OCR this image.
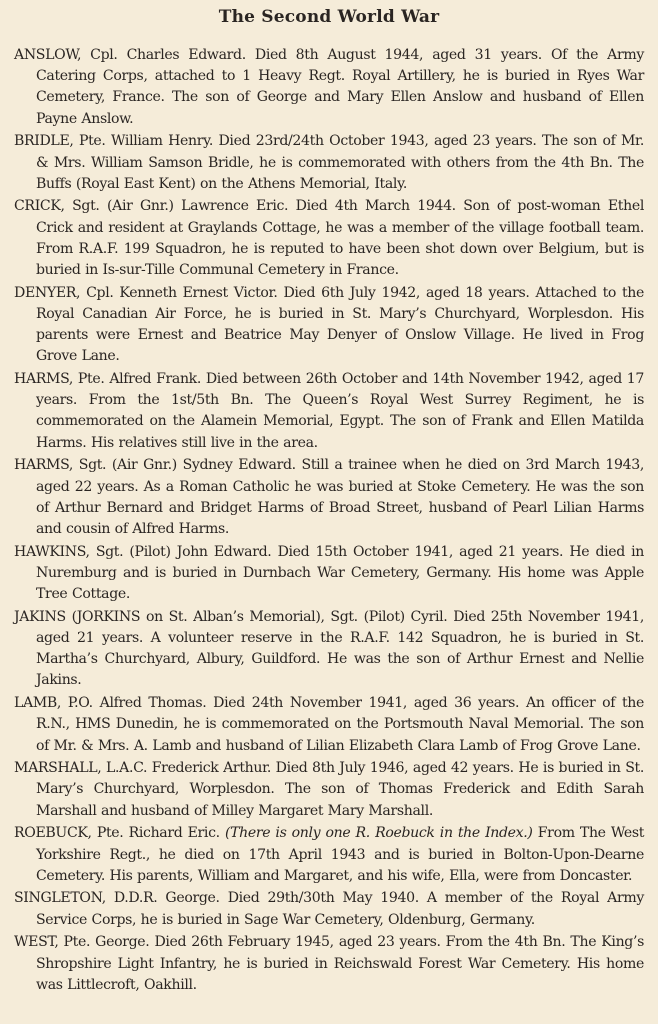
The Second World War

ANSLOW, Cpl. Charles Edward. Died 8th August 1944, aged 31 years. Of the Army Catering Corps, attached to 1 Heavy Regt. Royal Artillery, he is buried in Ryes War Cemetery, France. The son of George and Mary Ellen Anslow and husband of Ellen Payne Anslow.

BRIDLE, Pte. William Henry. Died 23rd/24th October 1943, aged 23 years. The son of Mr. & Mrs. William Samson Bridle, he is commemorated with others from the 4th Bn. The Buffs (Royal East Kent) on the Athens Memorial, Italy.

CRICK, Sgt. (Air Gnr.) Lawrence Eric. Died 4th March 1944. Son of post-woman Ethel Crick and resident at Graylands Cottage, he was a member of the village football team. From R.A.F. 199 Squadron, he is reputed to have been shot down over Belgium, but is buried in Is-sur-Tille Communal Cemetery in France.

DENYER, Cpl. Kenneth Ernest Victor. Died 6th July 1942, aged 18 years. Attached to the Royal Canadian Air Force, he is buried in St. Mary’s Churchyard, Worplesdon. His parents were Ernest and Beatrice May Denyer of Onslow Village. He lived in Frog Grove Lane.

HARMS, Pte. Alfred Frank. Died between 26th October and 14th November 1942, aged 17 years. From the 1st/5th Bn. The Queen’s Royal West Surrey Regiment, he is commemorated on the Alamein Memorial, Egypt. The son of Frank and Ellen Matilda Harms. His relatives still live in the area.

HARMS, Sgt. (Air Gnr.) Sydney Edward. Still a trainee when he died on 3rd March 1943, aged 22 years. As a Roman Catholic he was buried at Stoke Cemetery. He was the son of Arthur Bernard and Bridget Harms of Broad Street, husband of Pearl Lilian Harms and cousin of Alfred Harms.

HAWKINS, Sgt. (Pilot) John Edward. Died 15th October 1941, aged 21 years. He died in Nuremburg and is buried in Durnbach War Cemetery, Germany. His home was Apple Tree Cottage.

JAKINS (JORKINS on St. Alban’s Memorial), Sgt. (Pilot) Cyril. Died 25th November 1941, aged 21 years. A volunteer reserve in the R.A.F. 142 Squadron, he is buried in St. Martha’s Churchyard, Albury, Guildford. He was the son of Arthur Ernest and Nellie Jakins.

LAMB, P.O. Alfred Thomas. Died 24th November 1941, aged 36 years. An officer of the R.N., HMS Dunedin, he is commemorated on the Portsmouth Naval Memorial. The son of Mr. & Mrs. A. Lamb and husband of Lilian Elizabeth Clara Lamb of Frog Grove Lane.

MARSHALL, L.A.C. Frederick Arthur. Died 8th July 1946, aged 42 years. He is buried in St. Mary’s Churchyard, Worplesdon. The son of Thomas Frederick and Edith Sarah Marshall and husband of Milley Margaret Mary Marshall.

ROEBUCK, Pte. Richard Eric. (There is only one R. Roebuck in the Index.) From The West Yorkshire Regt., he died on 17th April 1943 and is buried in Bolton-Upon-Dearne Cemetery. His parents, William and Margaret, and his wife, Ella, were from Doncaster.

SINGLETON, D.D.R. George. Died 29th/30th May 1940. A member of the Royal Army Service Corps, he is buried in Sage War Cemetery, Oldenburg, Germany.

WEST, Pte. George. Died 26th February 1945, aged 23 years. From the 4th Bn. The King’s Shropshire Light Infantry, he is buried in Reichswald Forest War Cemetery. His home was Littlecroft, Oakhill.
